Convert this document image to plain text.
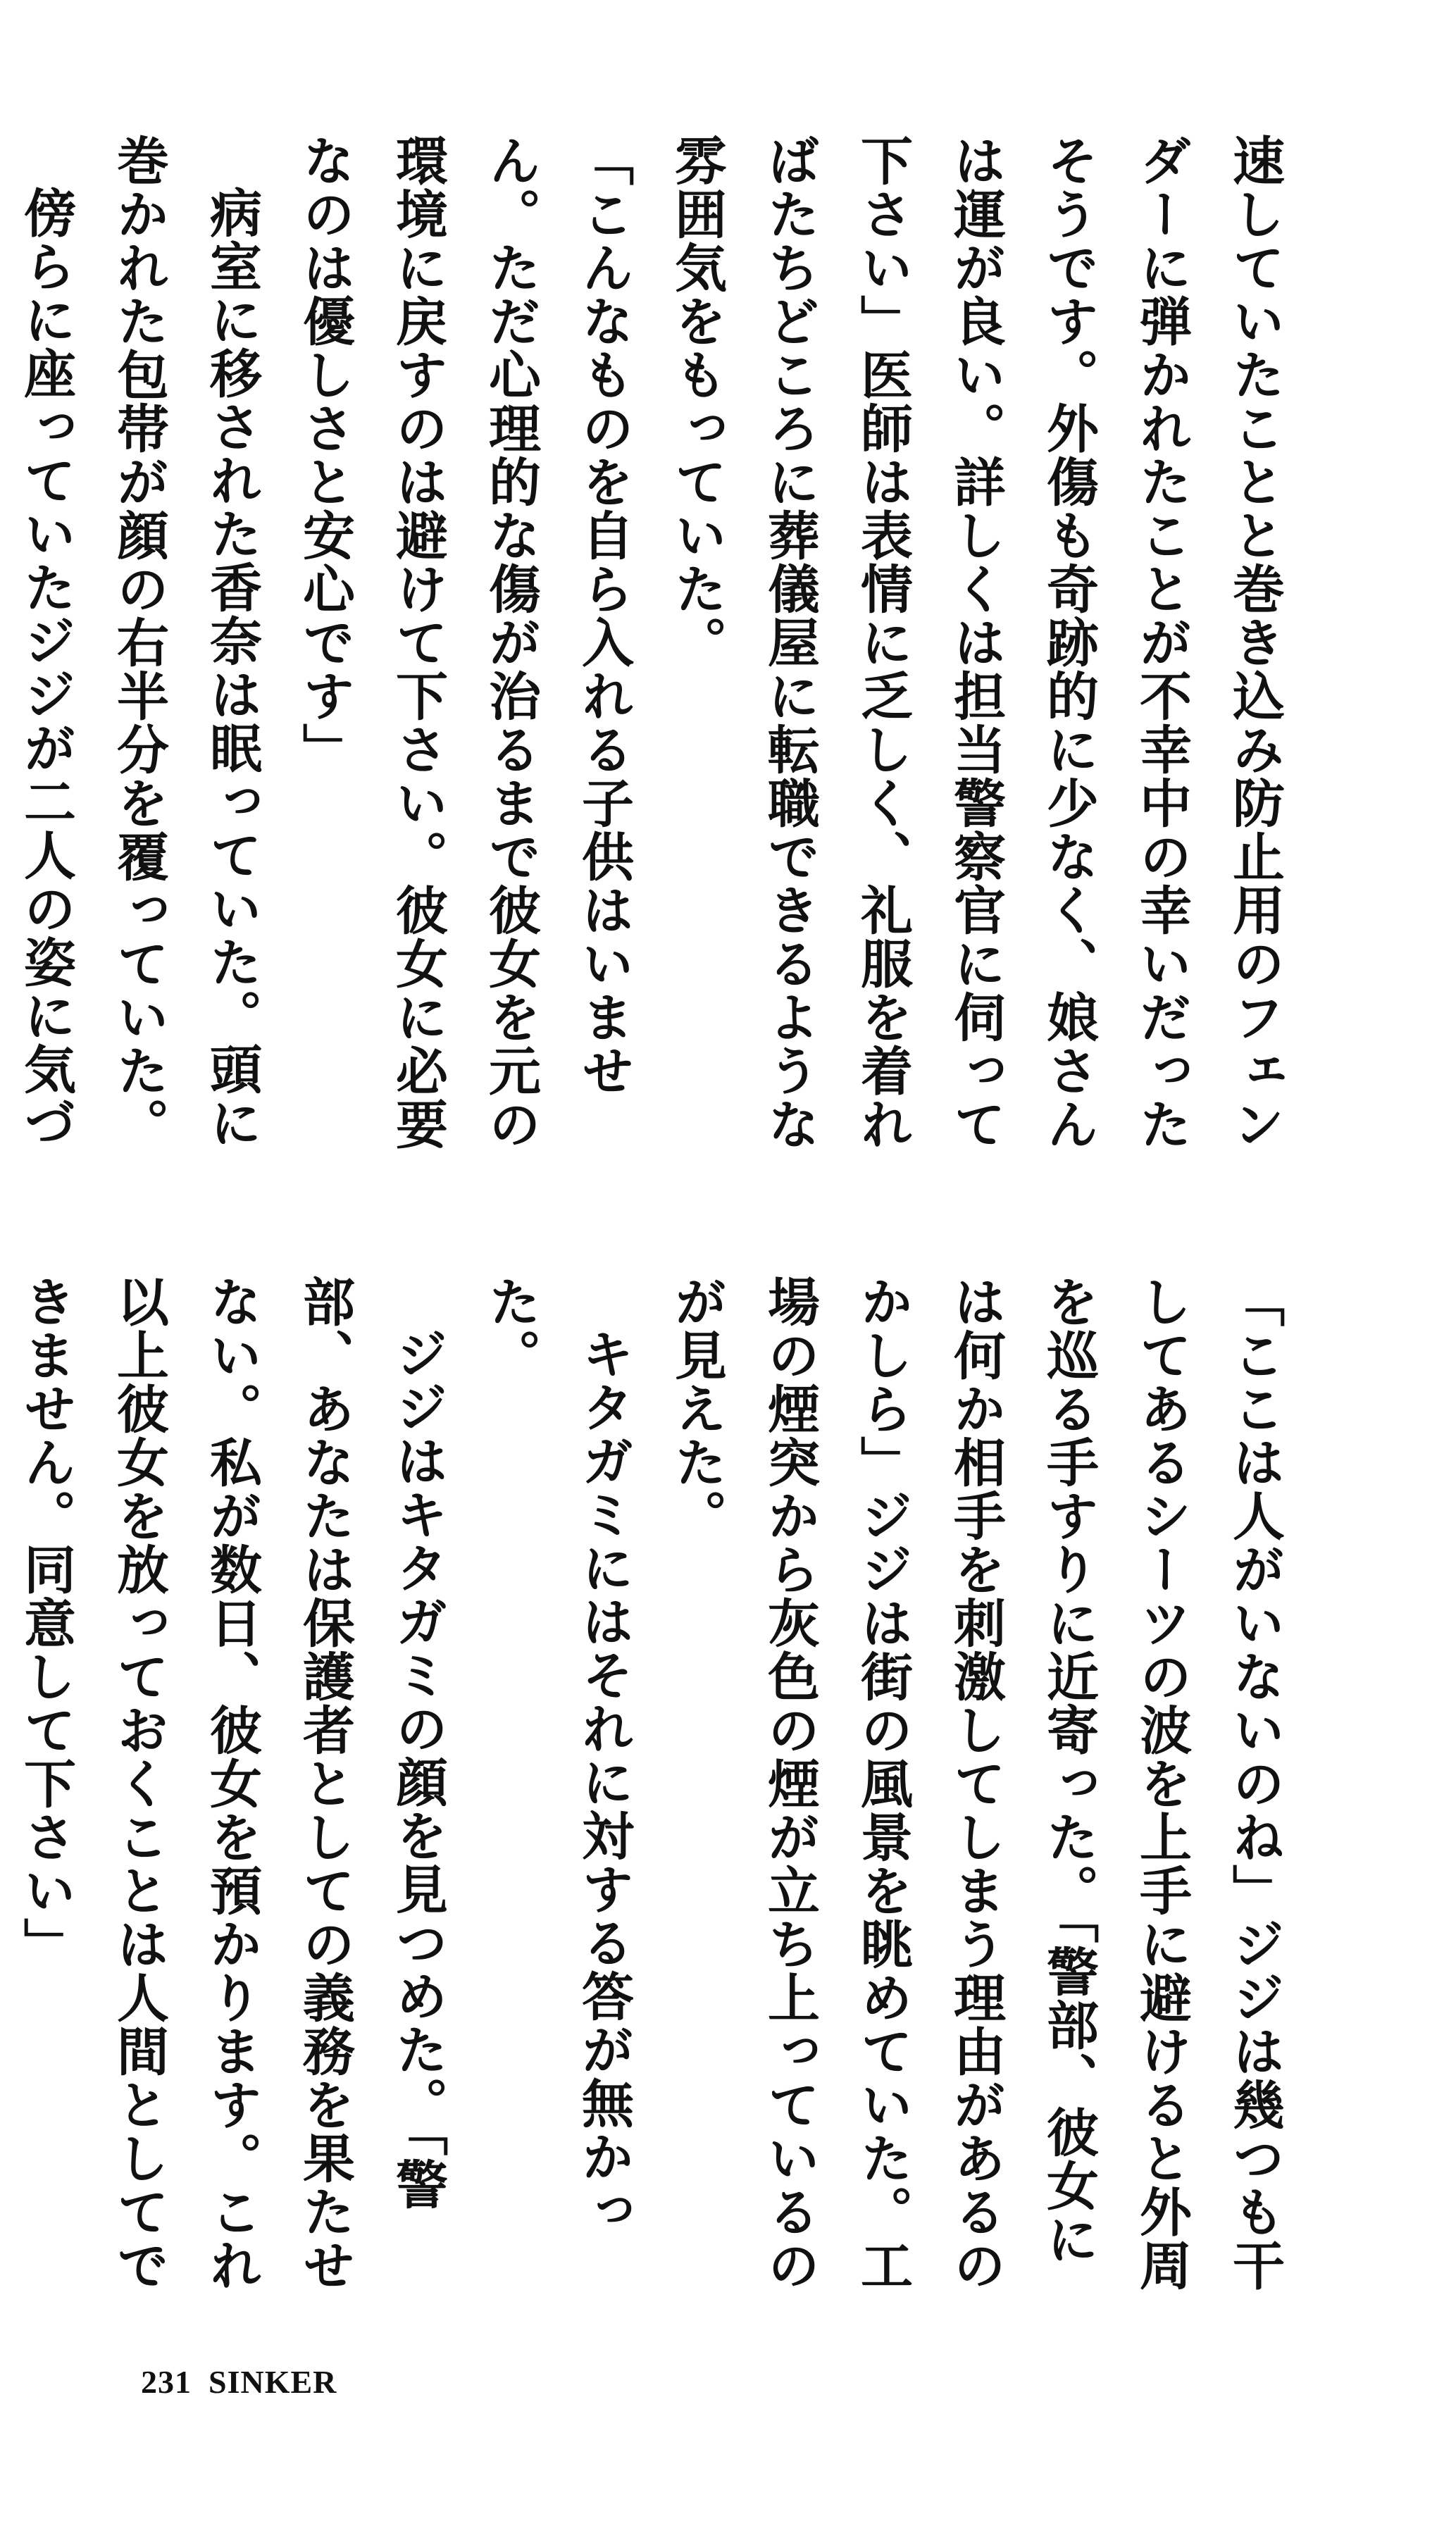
速していたことと巻き込み防止用のフェンダーに弾かれたことが不幸中の幸いだったそうです。外傷も奇跡的に少なく、娘さんは運が良い。詳しくは担当警察官に伺って下さい」医師は表情に乏しく、礼服を着ればたちどころに葬儀屋に転職できるような雰囲気をもっていた。

「こんなものを自ら入れる子供はいません。ただ心理的な傷が治るまで彼女を元の環境に戻すのは避けて下さい。彼女に必要なのは優しさと安心です」

病室に移された香奈は眠っていた。頭に巻かれた包帯が顔の右半分を覆っていた。

傍らに座っていたジジが二人の姿に気づ

「ここは人がいないのね」ジジは幾つも干してあるシーツの波を上手に避けると外周を巡る手すりに近寄った。「警部、彼女には何か相手を刺激してしまう理由があるのかしら」ジジは街の風景を眺めていた。工場の煙突から灰色の煙が立ち上っているのが見えた。

キタガミにはそれに対する答が無かった。

ジジはキタガミの顔を見つめた。「警部、あなたは保護者としての義務を果たせない。私が数日、彼女を預かります。これ以上彼女を放っておくことは人間としてできません。同意して下さい」

231 SINKER
